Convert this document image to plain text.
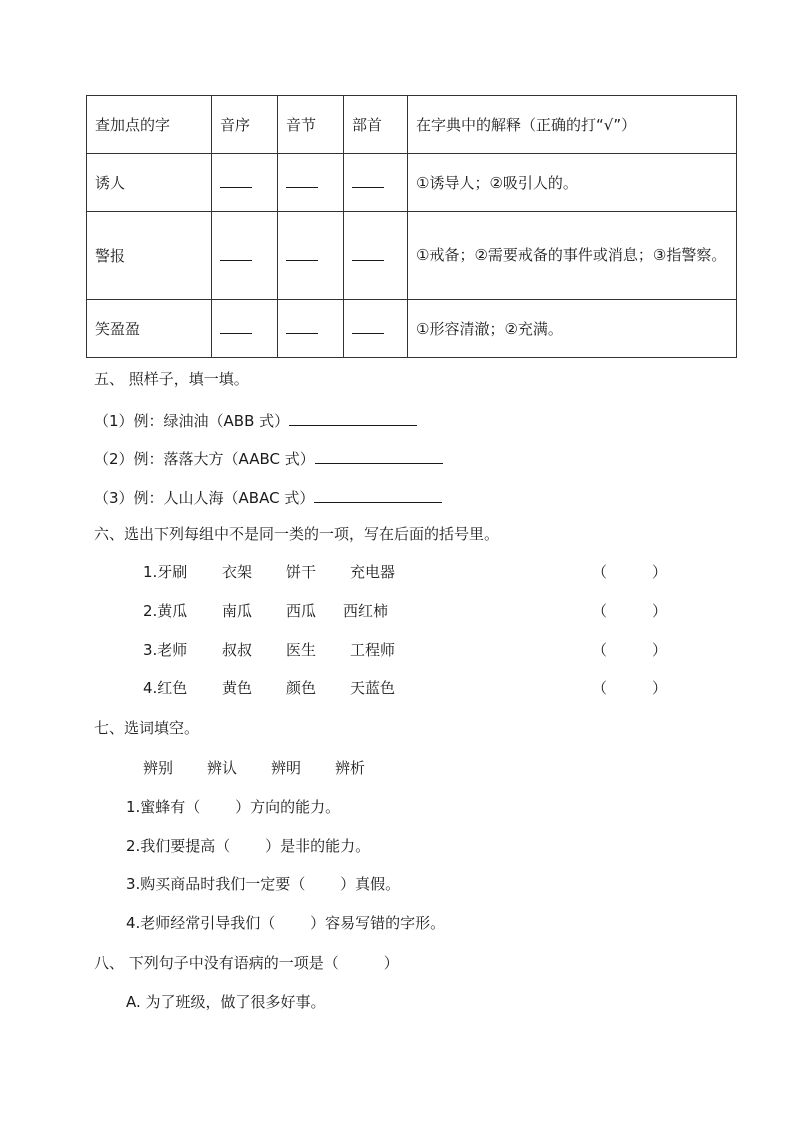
查加点的字	音序	音节	部首	在字典中的解释（正确的打“√”）
诱人				①诱导人；②吸引人的。
警报				①戒备；②需要戒备的事件或消息；③指警察。
笑盈盈				①形容清澈；②充满。
五、 照样子，填一填。
（1）例：绿油油（ABB 式）
（2）例：落落大方（AABC 式）
（3）例：人山人海（ABAC 式）
六、选出下列每组中不是同一类的一项，写在后面的括号里。
1.牙刷 衣架 饼干 充电器	（　　　）
2.黄瓜 南瓜 西瓜 西红柿	（　　　）
3.老师 叔叔 医生 工程师	（　　　）
4.红色 黄色 颜色 天蓝色	（　　　）
七、选词填空。
辨别 辨认 辨明 辨析
1.蜜蜂有（　　 ）方向的能力。
2.我们要提高（　　 ）是非的能力。
3.购买商品时我们一定要（　　 ）真假。
4.老师经常引导我们（　　 ）容易写错的字形。
八、 下列句子中没有语病的一项是（　　　）
A. 为了班级，做了很多好事。
